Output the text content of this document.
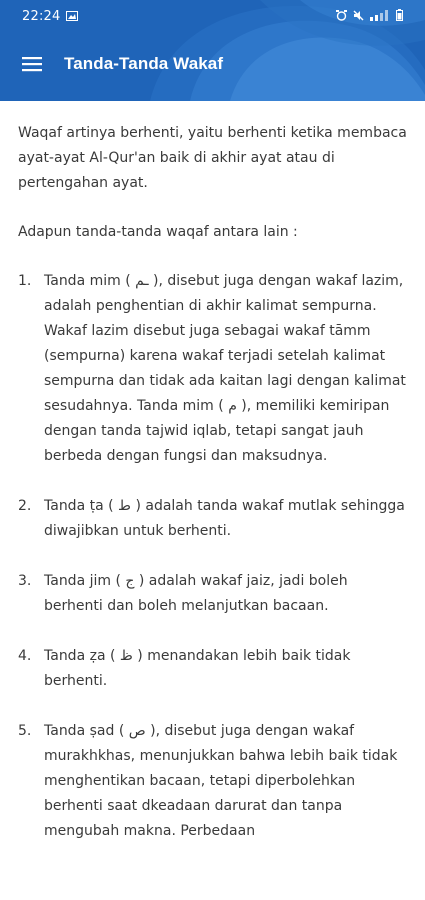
22:24
Tanda-Tanda Wakaf

Waqaf artinya berhenti, yaitu berhenti ketika membaca ayat-ayat Al-Qur'an baik di akhir ayat atau di pertengahan ayat.

Adapun tanda-tanda waqaf antara lain :

1. Tanda mim ( ـم ), disebut juga dengan wakaf lazim, adalah penghentian di akhir kalimat sempurna. Wakaf lazim disebut juga sebagai wakaf tāmm (sempurna) karena wakaf terjadi setelah kalimat sempurna dan tidak ada kaitan lagi dengan kalimat sesudahnya. Tanda mim ( م ), memiliki kemiripan dengan tanda tajwid iqlab, tetapi sangat jauh berbeda dengan fungsi dan maksudnya.
2. Tanda ṭa ( ط ) adalah tanda wakaf mutlak sehingga diwajibkan untuk berhenti.
3. Tanda jim ( ج ) adalah wakaf jaiz, jadi boleh berhenti dan boleh melanjutkan bacaan.
4. Tanda ẓa ( ظ ) menandakan lebih baik tidak berhenti.
5. Tanda ṣad ( ص ), disebut juga dengan wakaf murakhkhas, menunjukkan bahwa lebih baik tidak menghentikan bacaan, tetapi diperbolehkan berhenti saat dkeadaan darurat dan tanpa mengubah makna. Perbedaan
